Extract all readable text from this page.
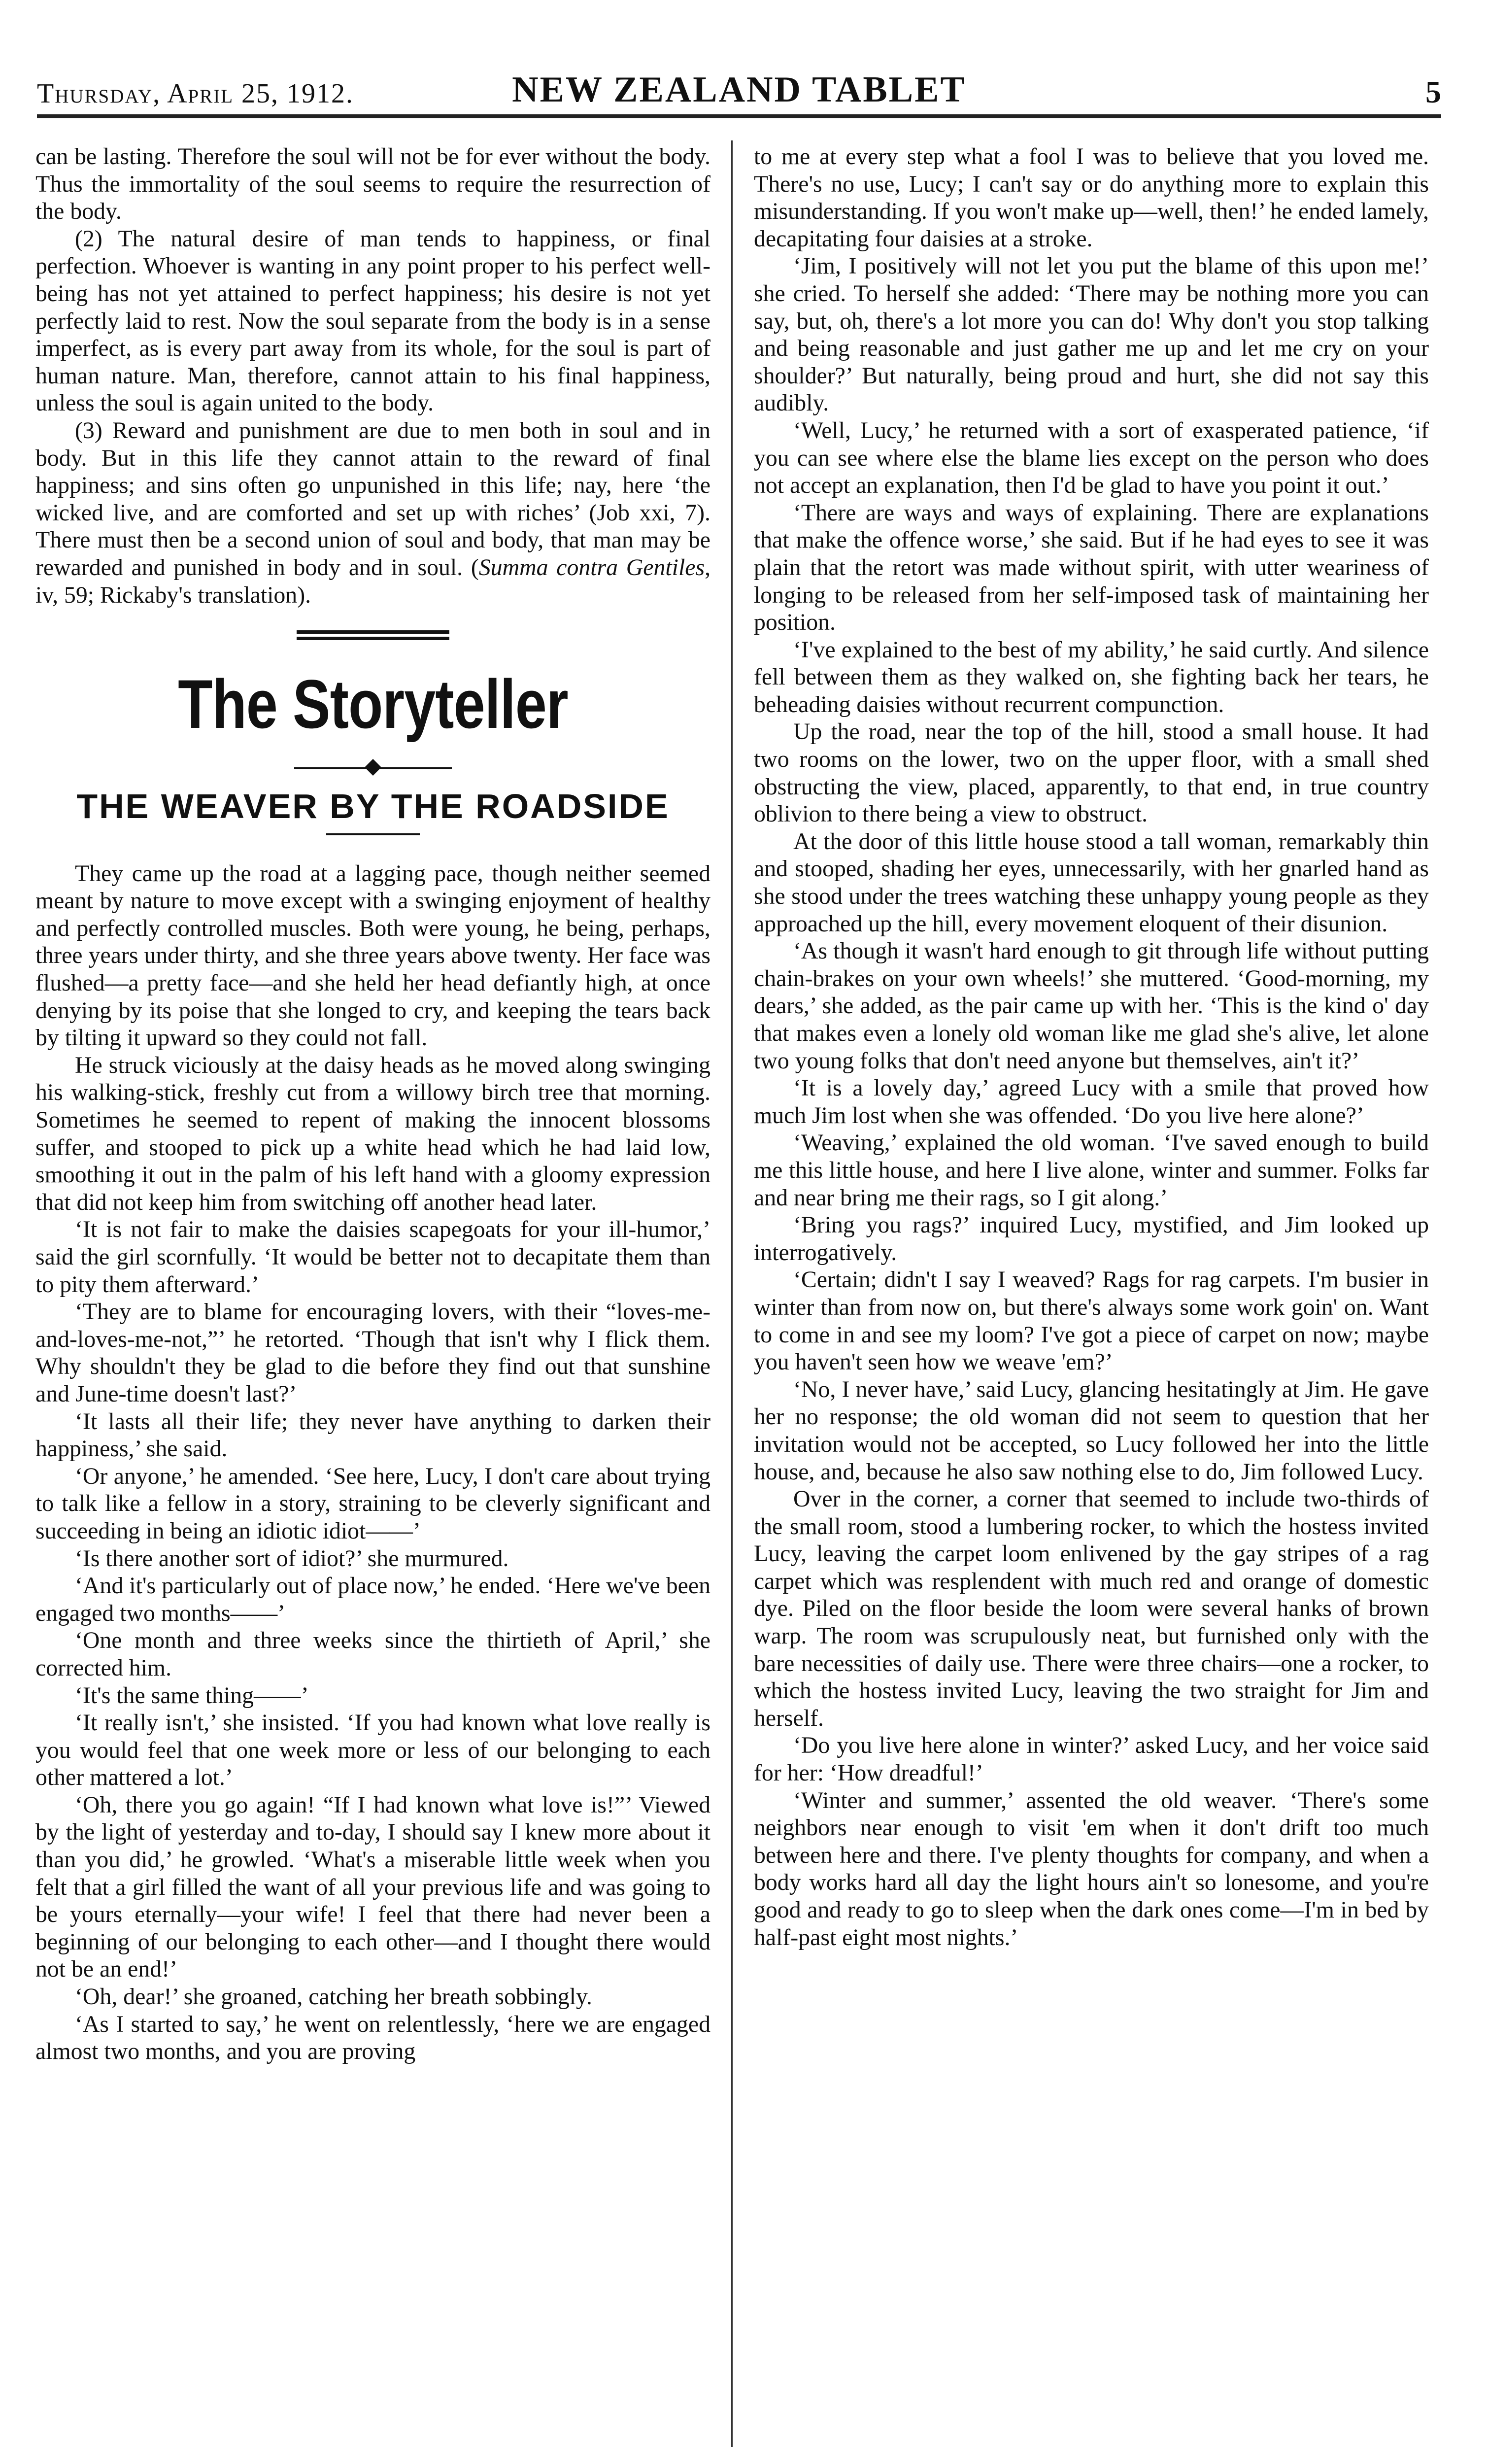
Thursday, April 25, 1912.	NEW ZEALAND TABLET	5

can be lasting. Therefore the soul will not be for ever without the body. Thus the immortality of the soul seems to require the resurrection of the body.

(2) The natural desire of man tends to happiness, or final perfection. Whoever is wanting in any point proper to his perfect well-being has not yet attained to perfect happiness; his desire is not yet perfectly laid to rest. Now the soul separate from the body is in a sense imperfect, as is every part away from its whole, for the soul is part of human nature. Man, therefore, cannot attain to his final happiness, unless the soul is again united to the body.

(3) Reward and punishment are due to men both in soul and in body. But in this life they cannot attain to the reward of final happiness; and sins often go unpunished in this life; nay, here ‘the wicked live, and are comforted and set up with riches’ (Job xxi, 7). There must then be a second union of soul and body, that man may be rewarded and punished in body and in soul. (Summa contra Gentiles, iv, 59; Rickaby's translation).

The Storyteller
THE WEAVER BY THE ROADSIDE

They came up the road at a lagging pace, though neither seemed meant by nature to move except with a swinging enjoyment of healthy and perfectly controlled muscles. Both were young, he being, perhaps, three years under thirty, and she three years above twenty. Her face was flushed—a pretty face—and she held her head defiantly high, at once denying by its poise that she longed to cry, and keeping the tears back by tilting it upward so they could not fall.

He struck viciously at the daisy heads as he moved along swinging his walking-stick, freshly cut from a willowy birch tree that morning. Sometimes he seemed to repent of making the innocent blossoms suffer, and stooped to pick up a white head which he had laid low, smoothing it out in the palm of his left hand with a gloomy expression that did not keep him from switching off another head later.

‘It is not fair to make the daisies scapegoats for your ill-humor,’ said the girl scornfully. ‘It would be better not to decapitate them than to pity them afterward.’

‘They are to blame for encouraging lovers, with their “loves-me-and-loves-me-not,”’ he retorted. ‘Though that isn't why I flick them. Why shouldn't they be glad to die before they find out that sunshine and June-time doesn't last?’

‘It lasts all their life; they never have anything to darken their happiness,’ she said.

‘Or anyone,’ he amended. ‘See here, Lucy, I don't care about trying to talk like a fellow in a story, straining to be cleverly significant and succeeding in being an idiotic idiot——’

‘Is there another sort of idiot?’ she murmured.

‘And it's particularly out of place now,’ he ended. ‘Here we've been engaged two months——’

‘One month and three weeks since the thirtieth of April,’ she corrected him.

‘It's the same thing——’

‘It really isn't,’ she insisted. ‘If you had known what love really is you would feel that one week more or less of our belonging to each other mattered a lot.’

‘Oh, there you go again! “If I had known what love is!”’ Viewed by the light of yesterday and to-day, I should say I knew more about it than you did,’ he growled. ‘What's a miserable little week when you felt that a girl filled the want of all your previous life and was going to be yours eternally—your wife! I feel that there had never been a beginning of our belonging to each other—and I thought there would not be an end!’

‘Oh, dear!’ she groaned, catching her breath sobbingly.

‘As I started to say,’ he went on relentlessly, ‘here we are engaged almost two months, and you are proving

to me at every step what a fool I was to believe that you loved me. There's no use, Lucy; I can't say or do anything more to explain this misunderstanding. If you won't make up—well, then!’ he ended lamely, decapitating four daisies at a stroke.

‘Jim, I positively will not let you put the blame of this upon me!’ she cried. To herself she added: ‘There may be nothing more you can say, but, oh, there's a lot more you can do! Why don't you stop talking and being reasonable and just gather me up and let me cry on your shoulder?’ But naturally, being proud and hurt, she did not say this audibly.

‘Well, Lucy,’ he returned with a sort of exasperated patience, ‘if you can see where else the blame lies except on the person who does not accept an explanation, then I'd be glad to have you point it out.’

‘There are ways and ways of explaining. There are explanations that make the offence worse,’ she said. But if he had eyes to see it was plain that the retort was made without spirit, with utter weariness of longing to be released from her self-imposed task of maintaining her position.

‘I've explained to the best of my ability,’ he said curtly. And silence fell between them as they walked on, she fighting back her tears, he beheading daisies without recurrent compunction.

Up the road, near the top of the hill, stood a small house. It had two rooms on the lower, two on the upper floor, with a small shed obstructing the view, placed, apparently, to that end, in true country oblivion to there being a view to obstruct.

At the door of this little house stood a tall woman, remarkably thin and stooped, shading her eyes, unnecessarily, with her gnarled hand as she stood under the trees watching these unhappy young people as they approached up the hill, every movement eloquent of their disunion.

‘As though it wasn't hard enough to git through life without putting chain-brakes on your own wheels!’ she muttered. ‘Good-morning, my dears,’ she added, as the pair came up with her. ‘This is the kind o' day that makes even a lonely old woman like me glad she's alive, let alone two young folks that don't need anyone but themselves, ain't it?’

‘It is a lovely day,’ agreed Lucy with a smile that proved how much Jim lost when she was offended. ‘Do you live here alone?’

‘Weaving,’ explained the old woman. ‘I've saved enough to build me this little house, and here I live alone, winter and summer. Folks far and near bring me their rags, so I git along.’

‘Bring you rags?’ inquired Lucy, mystified, and Jim looked up interrogatively.

‘Certain; didn't I say I weaved? Rags for rag carpets. I'm busier in winter than from now on, but there's always some work goin' on. Want to come in and see my loom? I've got a piece of carpet on now; maybe you haven't seen how we weave 'em?’

‘No, I never have,’ said Lucy, glancing hesitatingly at Jim. He gave her no response; the old woman did not seem to question that her invitation would not be accepted, so Lucy followed her into the little house, and, because he also saw nothing else to do, Jim followed Lucy.

Over in the corner, a corner that seemed to include two-thirds of the small room, stood a lumbering rocker, to which the hostess invited Lucy, leaving the carpet loom enlivened by the gay stripes of a rag carpet which was resplendent with much red and orange of domestic dye. Piled on the floor beside the loom were several hanks of brown warp. The room was scrupulously neat, but furnished only with the bare necessities of daily use. There were three chairs—one a rocker, to which the hostess invited Lucy, leaving the two straight for Jim and herself.

‘Do you live here alone in winter?’ asked Lucy, and her voice said for her: ‘How dreadful!’

‘Winter and summer,’ assented the old weaver. ‘There's some neighbors near enough to visit 'em when it don't drift too much between here and there. I've plenty thoughts for company, and when a body works hard all day the light hours ain't so lonesome, and you're good and ready to go to sleep when the dark ones come—I'm in bed by half-past eight most nights.’
